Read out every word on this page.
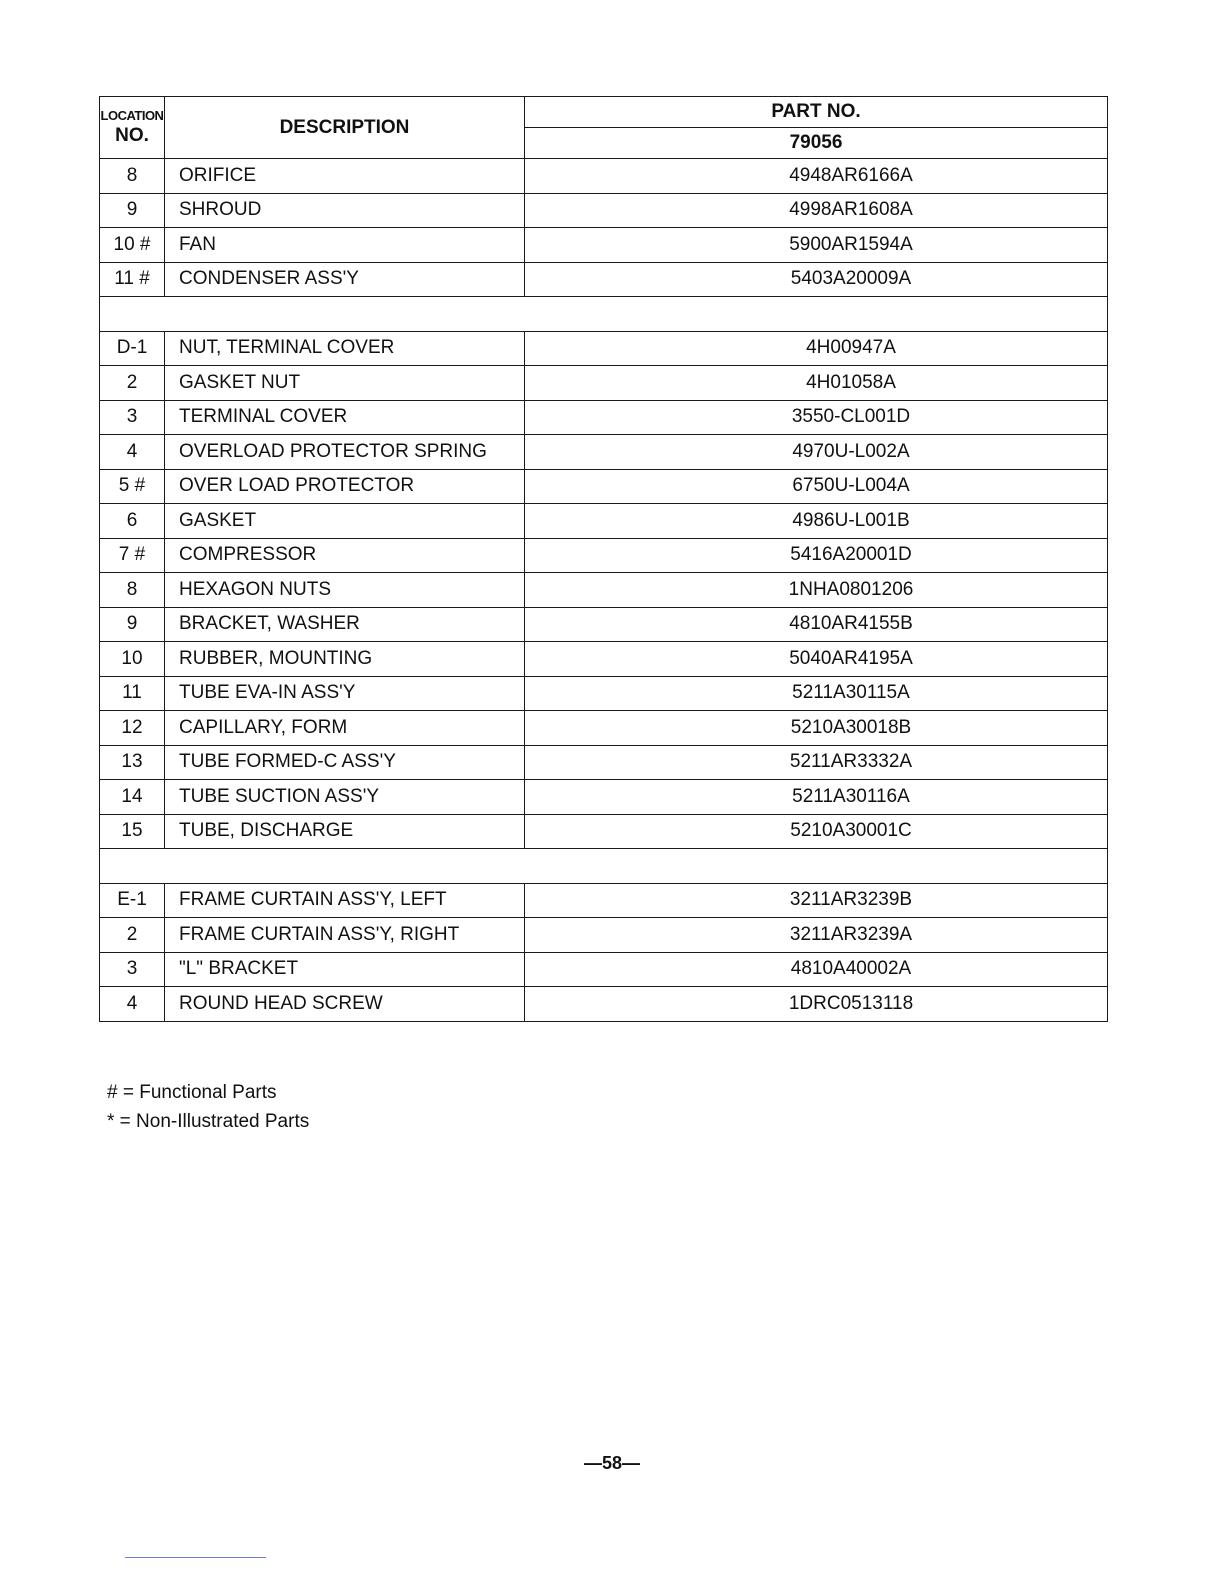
LOCATION
NO.	DESCRIPTION	PART NO.
		79056
8	ORIFICE	4948AR6166A
9	SHROUD	4998AR1608A
10 #	FAN	5900AR1594A
11 #	CONDENSER ASS'Y	5403A20009A

D-1	NUT, TERMINAL COVER	4H00947A
2	GASKET NUT	4H01058A
3	TERMINAL COVER	3550-CL001D
4	OVERLOAD PROTECTOR SPRING	4970U-L002A
5 #	OVER LOAD PROTECTOR	6750U-L004A
6	GASKET	4986U-L001B
7 #	COMPRESSOR	5416A20001D
8	HEXAGON NUTS	1NHA0801206
9	BRACKET, WASHER	4810AR4155B
10	RUBBER, MOUNTING	5040AR4195A
11	TUBE EVA-IN ASS'Y	5211A30115A
12	CAPILLARY, FORM	5210A30018B
13	TUBE FORMED-C ASS'Y	5211AR3332A
14	TUBE SUCTION ASS'Y	5211A30116A
15	TUBE, DISCHARGE	5210A30001C

E-1	FRAME CURTAIN ASS'Y, LEFT	3211AR3239B
2	FRAME CURTAIN ASS'Y, RIGHT	3211AR3239A
3	"L" BRACKET	4810A40002A
4	ROUND HEAD SCREW	1DRC0513118
# = Functional Parts
* = Non-Illustrated Parts
—58—
